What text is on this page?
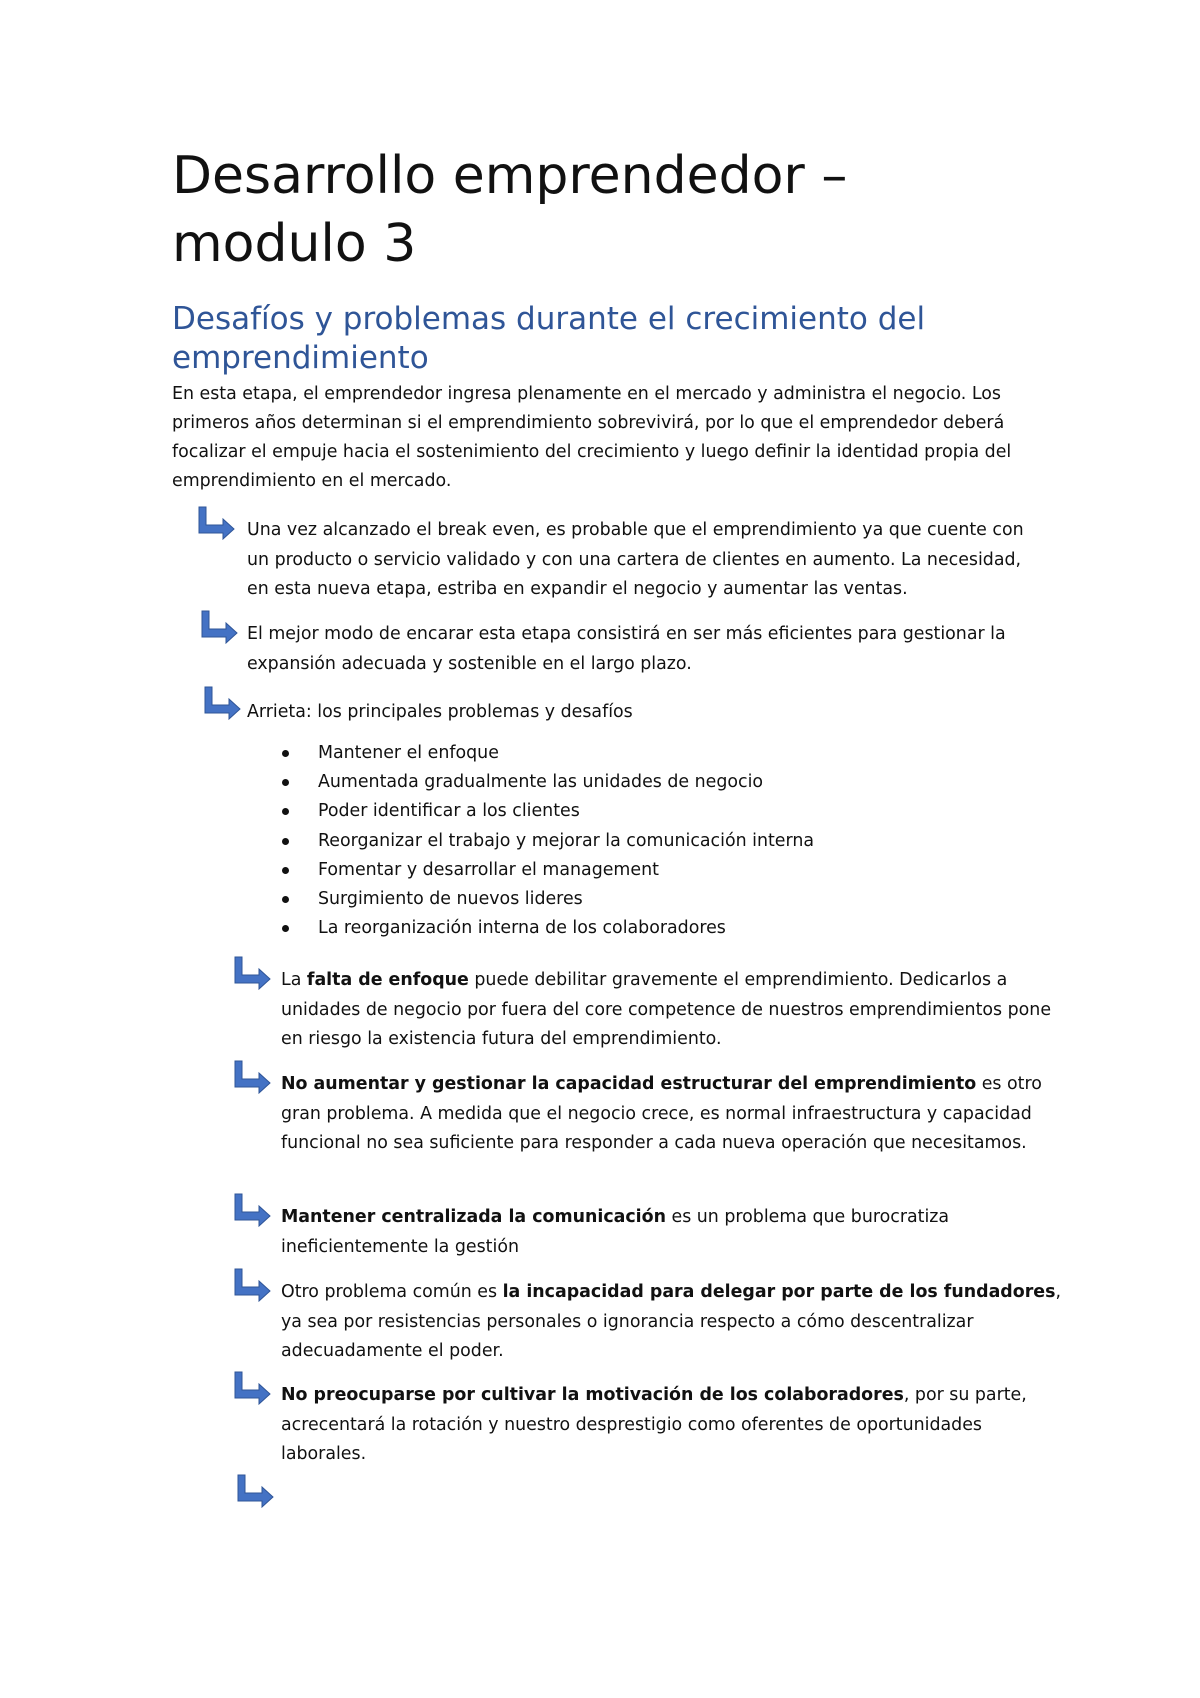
Desarrollo emprendedor – modulo 3
Desafíos y problemas durante el crecimiento del emprendimiento

En esta etapa, el emprendedor ingresa plenamente en el mercado y administra el negocio. Los primeros años determinan si el emprendimiento sobrevivirá, por lo que el emprendedor deberá focalizar el empuje hacia el sostenimiento del crecimiento y luego definir la identidad propia del emprendimiento en el mercado.

Una vez alcanzado el break even, es probable que el emprendimiento ya que cuente con un producto o servicio validado y con una cartera de clientes en aumento. La necesidad, en esta nueva etapa, estriba en expandir el negocio y aumentar las ventas.

El mejor modo de encarar esta etapa consistirá en ser más eficientes para gestionar la expansión adecuada y sostenible en el largo plazo.

Arrieta: los principales problemas y desafíos

Mantener el enfoque
Aumentada gradualmente las unidades de negocio
Poder identificar a los clientes
Reorganizar el trabajo y mejorar la comunicación interna
Fomentar y desarrollar el management
Surgimiento de nuevos lideres
La reorganización interna de los colaboradores

La falta de enfoque puede debilitar gravemente el emprendimiento. Dedicarlos a unidades de negocio por fuera del core competence de nuestros emprendimientos pone en riesgo la existencia futura del emprendimiento.

No aumentar y gestionar la capacidad estructurar del emprendimiento es otro gran problema. A medida que el negocio crece, es normal infraestructura y capacidad funcional no sea suficiente para responder a cada nueva operación que necesitamos.

Mantener centralizada la comunicación es un problema que burocratiza ineficientemente la gestión

Otro problema común es la incapacidad para delegar por parte de los fundadores, ya sea por resistencias personales o ignorancia respecto a cómo descentralizar adecuadamente el poder.

No preocuparse por cultivar la motivación de los colaboradores, por su parte, acrecentará la rotación y nuestro desprestigio como oferentes de oportunidades laborales.
